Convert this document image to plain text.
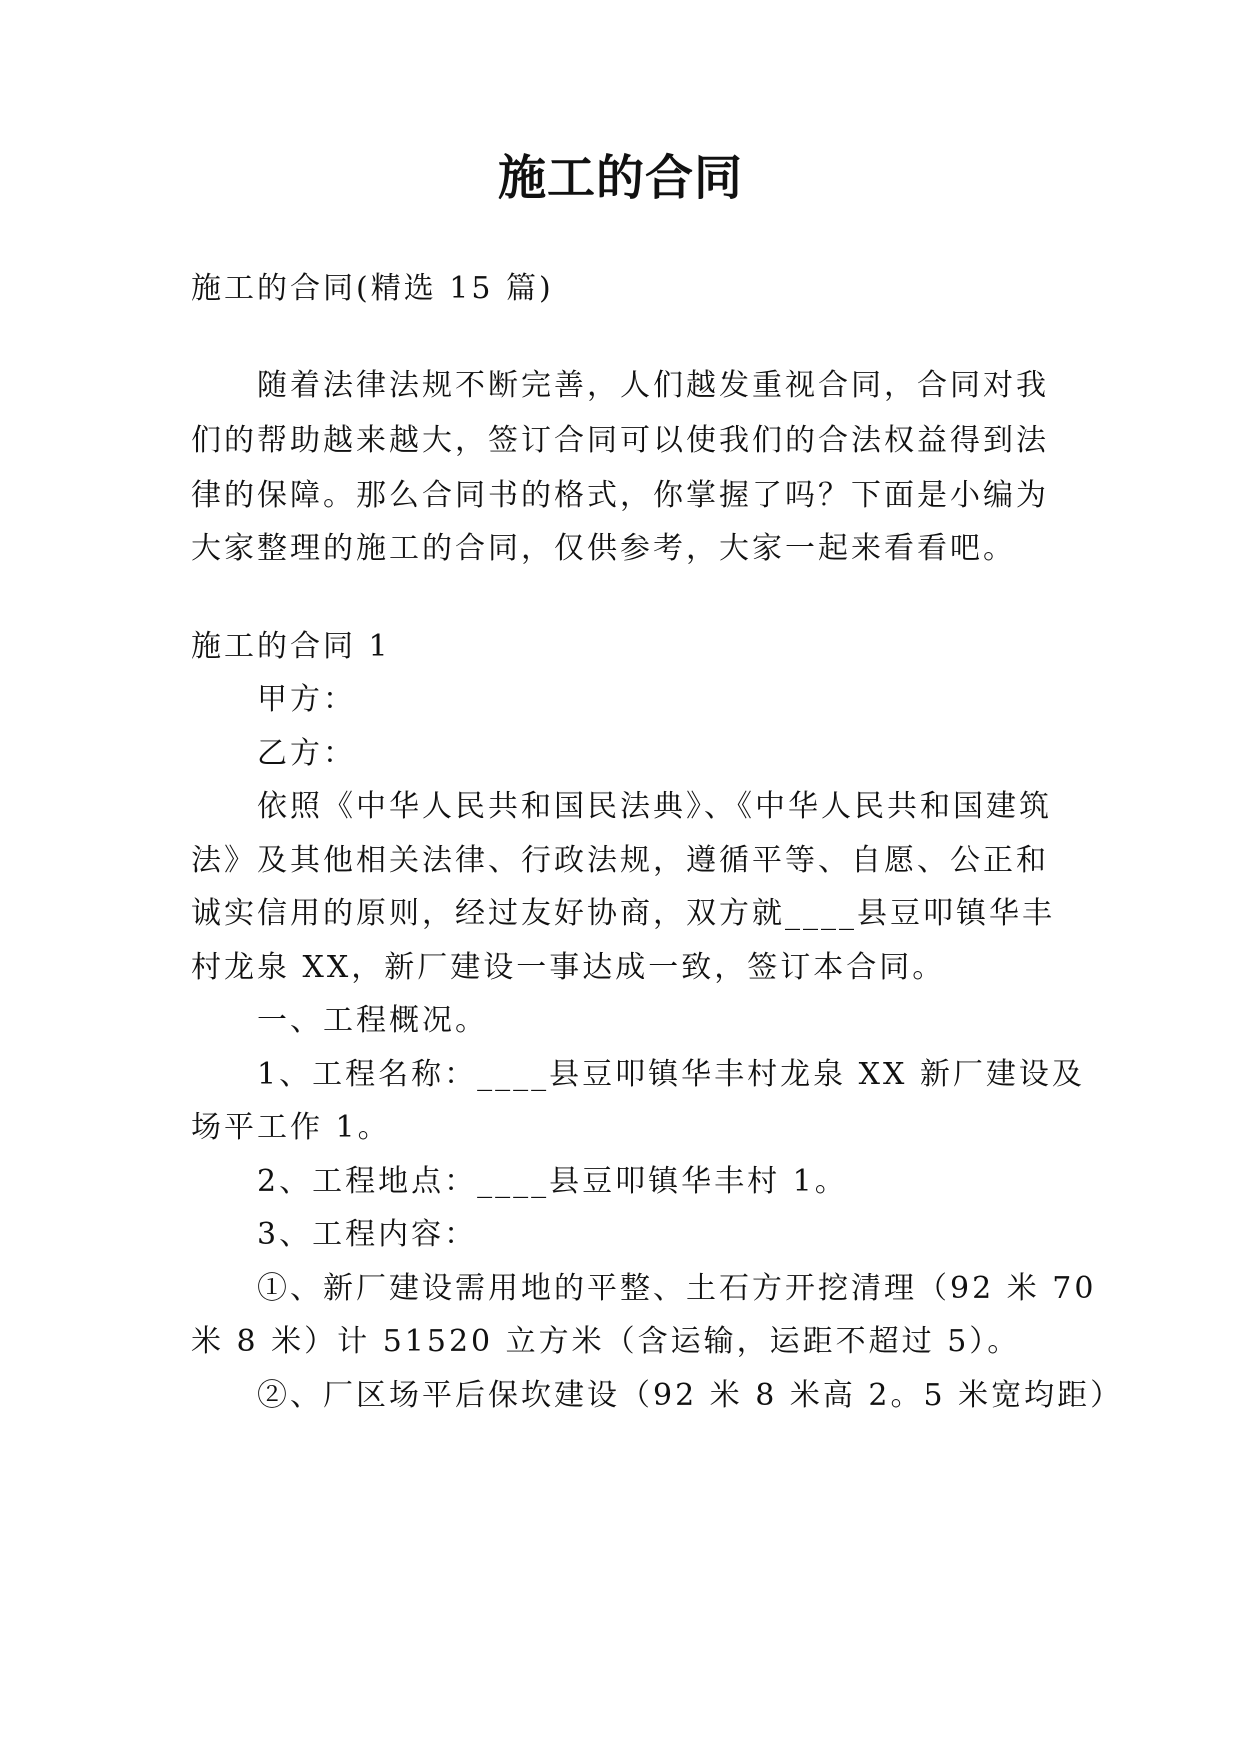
施工的合同
施工的合同(精选 15 篇)
随着法律法规不断完善，人们越发重视合同，合同对我
们的帮助越来越大，签订合同可以使我们的合法权益得到法
律的保障。那么合同书的格式，你掌握了吗？下面是小编为
大家整理的施工的合同，仅供参考，大家一起来看看吧。
施工的合同 1
甲方：
乙方：
依照《中华人民共和国民法典》、《中华人民共和国建筑
法》及其他相关法律、行政法规，遵循平等、自愿、公正和
诚实信用的原则，经过友好协商，双方就____县豆叩镇华丰
村龙泉 XX，新厂建设一事达成一致，签订本合同。
一、工程概况。
1、工程名称：____县豆叩镇华丰村龙泉 XX 新厂建设及
场平工作 1。
2、工程地点：____县豆叩镇华丰村 1。
3、工程内容：
①、新厂建设需用地的平整、土石方开挖清理（92 米 70
米 8 米）计 51520 立方米（含运输，运距不超过 5）。
②、厂区场平后保坎建设（92 米 8 米高 2。5 米宽均距）
